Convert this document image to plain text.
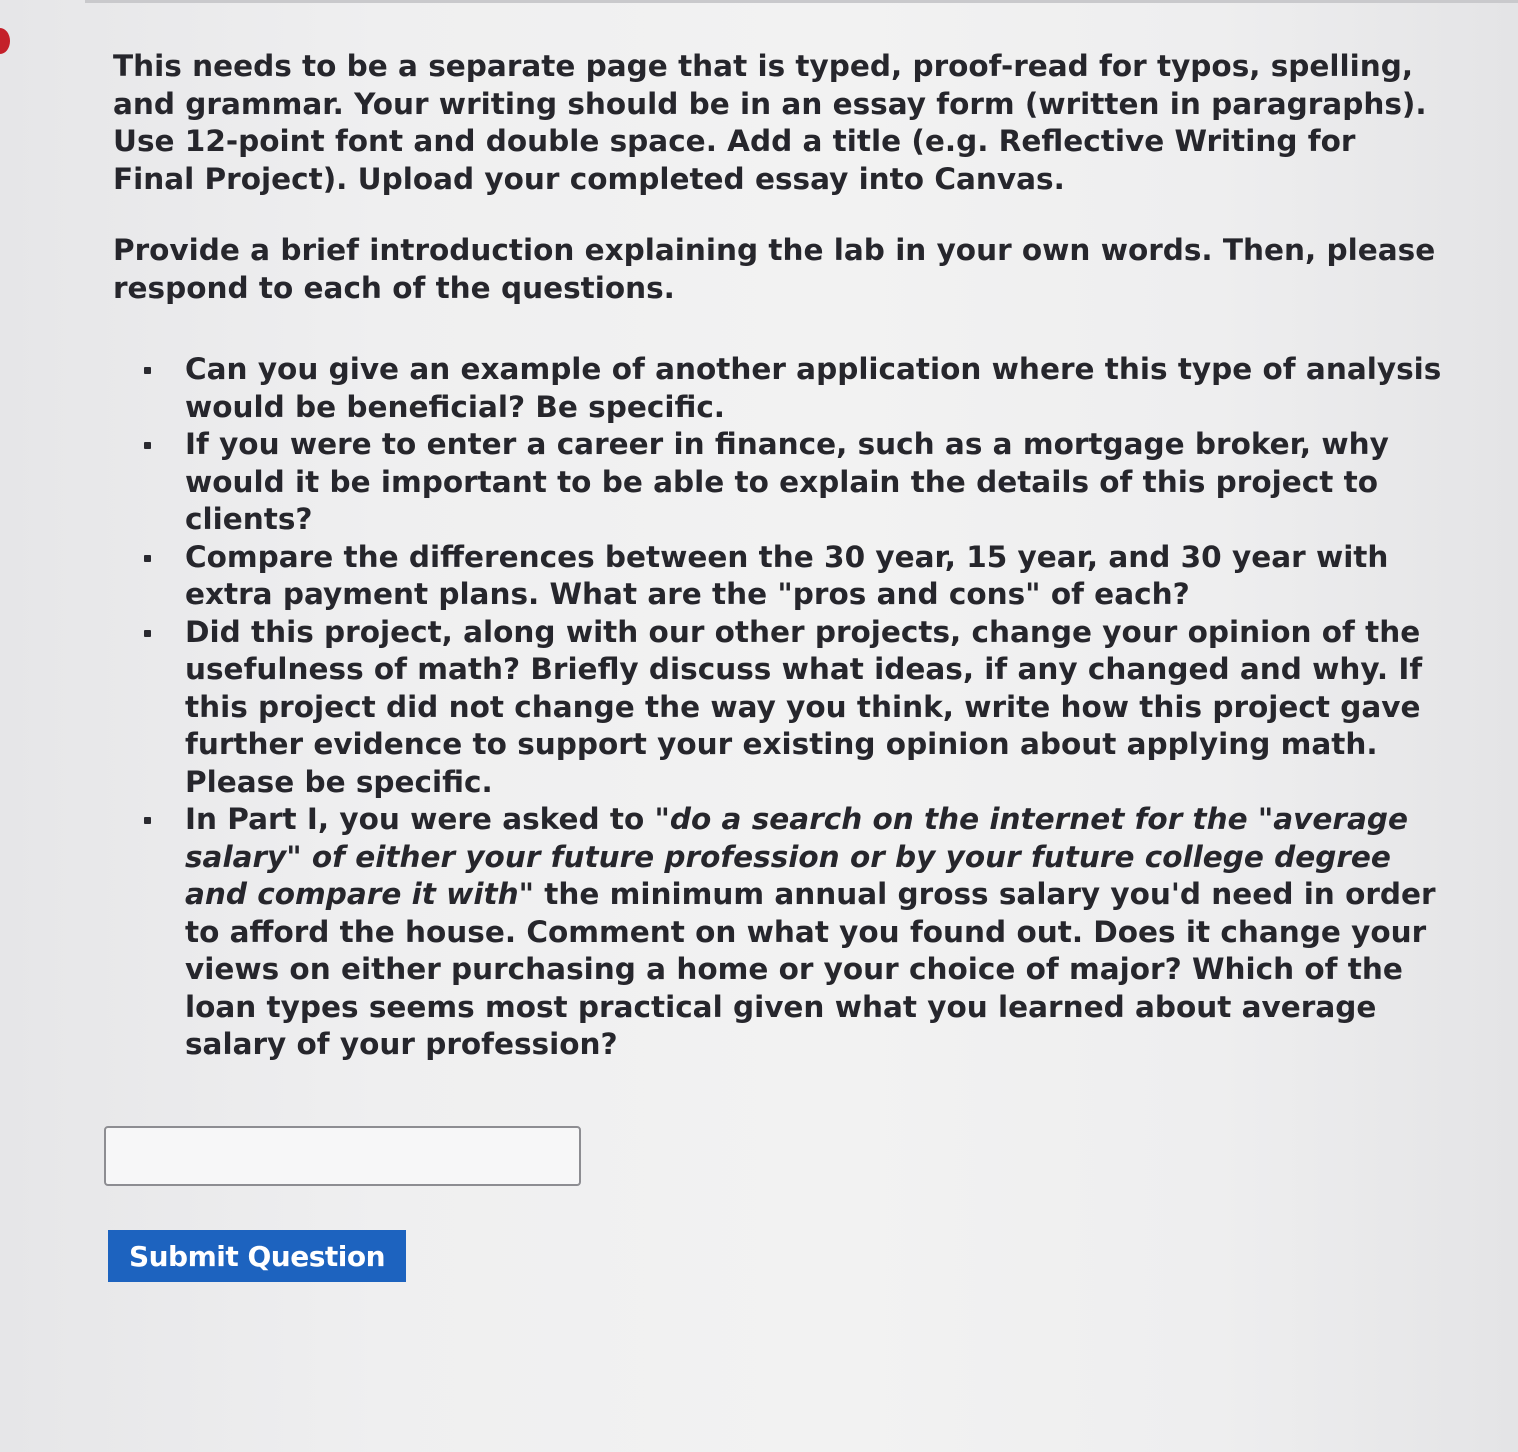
This needs to be a separate page that is typed, proof-read for typos, spelling, and grammar. Your writing should be in an essay form (written in paragraphs). Use 12-point font and double space. Add a title (e.g. Reflective Writing for Final Project). Upload your completed essay into Canvas.

Provide a brief introduction explaining the lab in your own words. Then, please respond to each of the questions.

Can you give an example of another application where this type of analysis would be beneficial? Be specific.
If you were to enter a career in finance, such as a mortgage broker, why would it be important to be able to explain the details of this project to clients?
Compare the differences between the 30 year, 15 year, and 30 year with extra payment plans. What are the "pros and cons" of each?
Did this project, along with our other projects, change your opinion of the usefulness of math? Briefly discuss what ideas, if any changed and why. If this project did not change the way you think, write how this project gave further evidence to support your existing opinion about applying math. Please be specific.
In Part I, you were asked to "do a search on the internet for the "average salary" of either your future profession or by your future college degree and compare it with" the minimum annual gross salary you'd need in order to afford the house. Comment on what you found out. Does it change your views on either purchasing a home or your choice of major? Which of the loan types seems most practical given what you learned about average salary of your profession?
Submit Question
